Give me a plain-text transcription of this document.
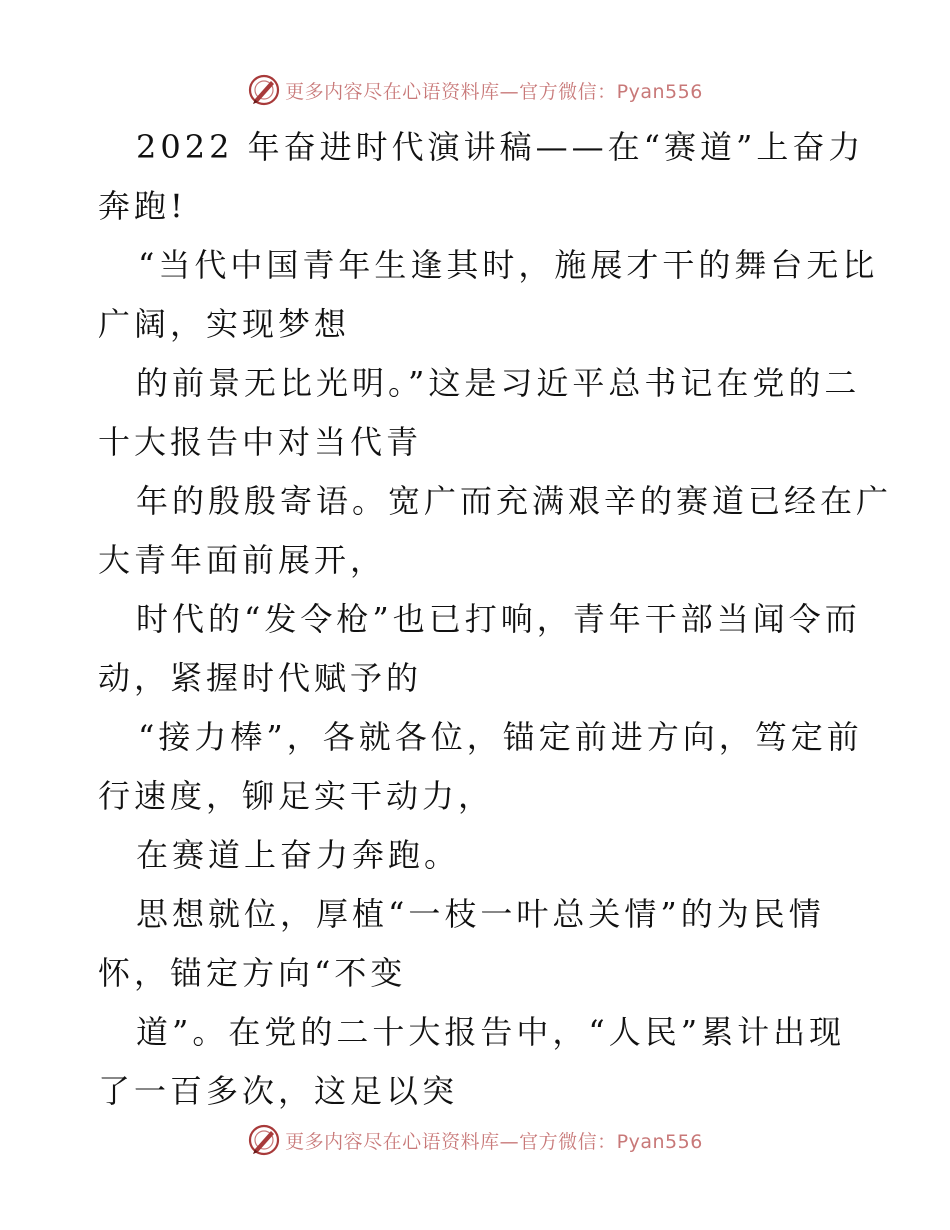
更多内容尽在心语资料库—官方微信：Pyan556
2022 年奋进时代演讲稿——在“赛道”上奋力
奔跑!
“当代中国青年生逢其时，施展才干的舞台无比
广阔，实现梦想
的前景无比光明。”这是习近平总书记在党的二
十大报告中对当代青
年的殷殷寄语。宽广而充满艰辛的赛道已经在广
大青年面前展开，
时代的“发令枪”也已打响，青年干部当闻令而
动，紧握时代赋予的
“接力棒”，各就各位，锚定前进方向，笃定前
行速度，铆足实干动力，
在赛道上奋力奔跑。
思想就位，厚植“一枝一叶总关情”的为民情
怀，锚定方向“不变
道”。在党的二十大报告中，“人民”累计出现
了一百多次，这足以突
更多内容尽在心语资料库—官方微信：Pyan556
